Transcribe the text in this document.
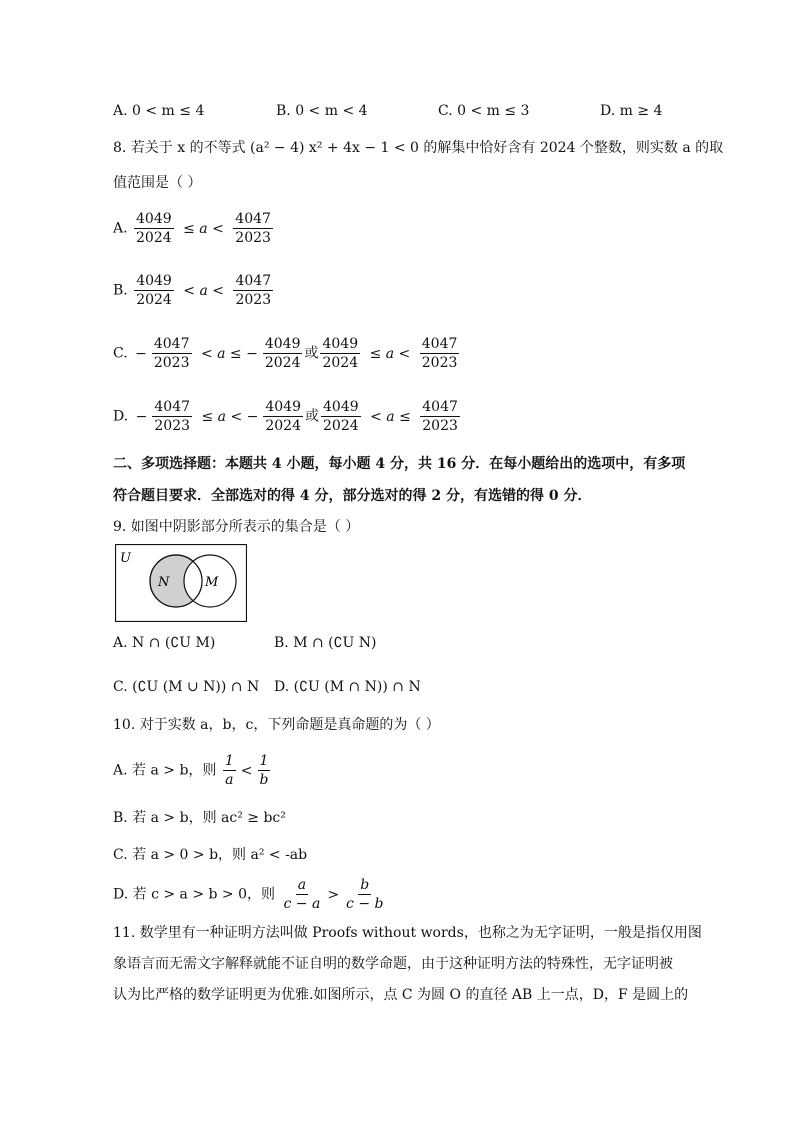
A. 0 < m ≤ 4	B. 0 < m < 4	C. 0 < m ≤ 3	D. m ≥ 4
8. 若关于 x 的不等式 (a² − 4) x² + 4x − 1 < 0 的解集中恰好含有 2024 个整数，则实数 a 的取
值范围是（ ）
A. $\frac{4049}{2024} \le a < \frac{4047}{2023}$
B. $\frac{4049}{2024} < a < \frac{4047}{2023}$
C. − $\frac{4047}{2023} < a$ ≤ − $\frac{4049}{2024}$ 或 $\frac{4049}{2024} \le a < \frac{4047}{2023}$
D. − $\frac{4047}{2023} \le a$ < − $\frac{4049}{2024}$ 或 $\frac{4049}{2024} < a \le \frac{4047}{2023}$
二、多项选择题：本题共 4 小题，每小题 4 分，共 16 分．在每小题给出的选项中，有多项
符合题目要求．全部选对的得 4 分，部分选对的得 2 分，有选错的得 0 分．
9. 如图中阴影部分所表示的集合是（ ）
U
N	M
A. N ∩ (∁U M)	B. M ∩ (∁U N)
C. (∁U (M ∪ N)) ∩ N D. (∁U (M ∩ N)) ∩ N
10. 对于实数 a，b，c，下列命题是真命题的为（ ）
A. 若 a > b，则 $\frac{1}{a} < \frac{1}{b}$
B. 若 a > b，则 ac² ≥ bc²
C. 若 a > 0 > b，则 a² < -ab
D. 若 c > a > b > 0，则 $\frac{a}{c - a} > \frac{b}{c - b}$
11. 数学里有一种证明方法叫做 Proofs without words，也称之为无字证明，一般是指仅用图
象语言而无需文字解释就能不证自明的数学命题，由于这种证明方法的特殊性，无字证明被
认为比严格的数学证明更为优雅.如图所示，点 C 为圆 O 的直径 AB 上一点，D，F 是圆上的
